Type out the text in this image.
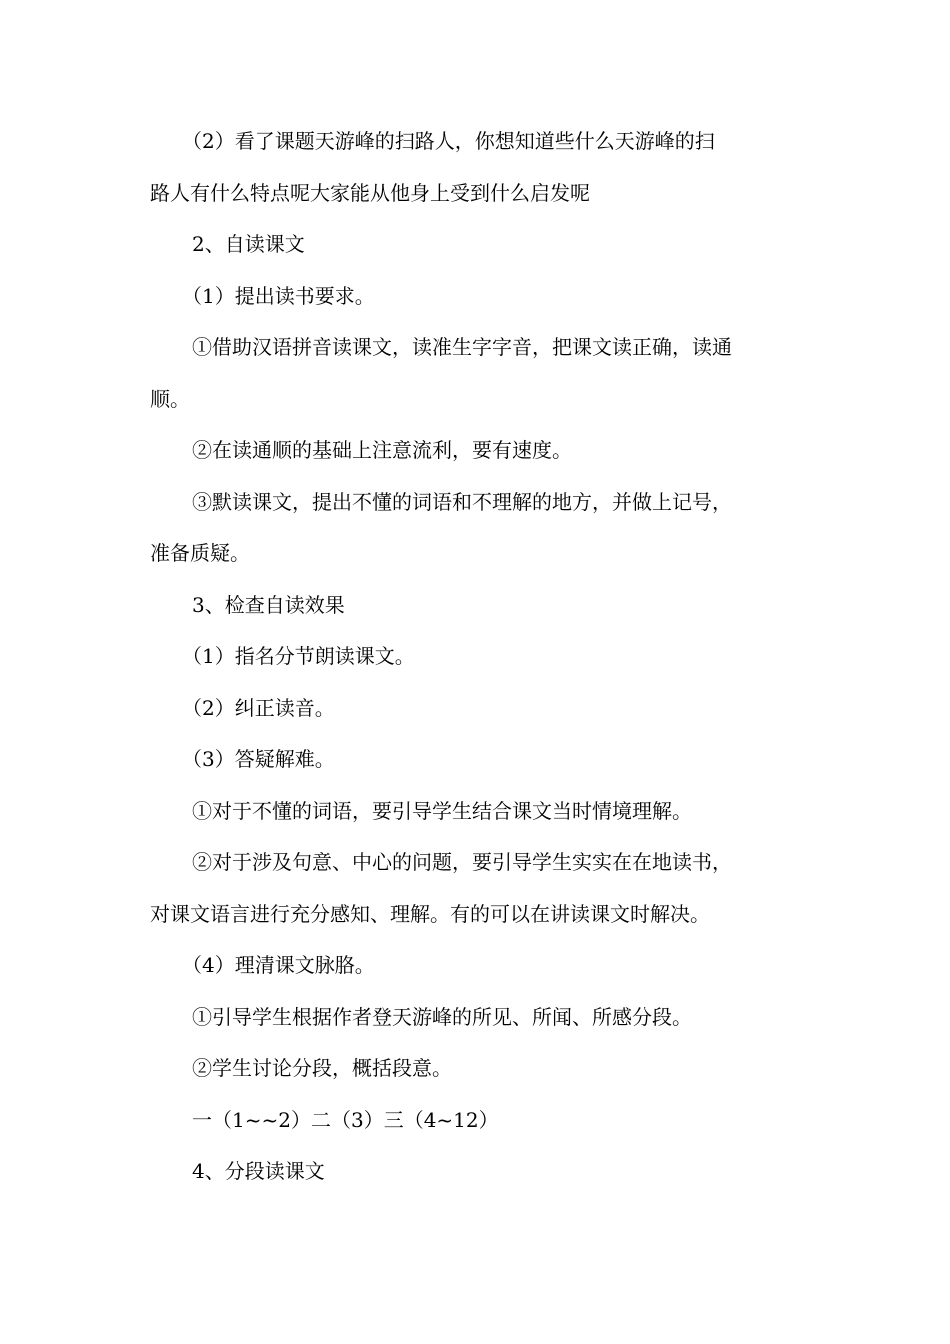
（2）看了课题天游峰的扫路人，你想知道些什么天游峰的扫

路人有什么特点呢大家能从他身上受到什么启发呢

2、自读课文

（1）提出读书要求。

①借助汉语拼音读课文，读准生字字音，把课文读正确，读通

顺。

②在读通顺的基础上注意流利，要有速度。

③默读课文，提出不懂的词语和不理解的地方，并做上记号，

准备质疑。

3、检查自读效果

（1）指名分节朗读课文。

（2）纠正读音。

（3）答疑解难。

①对于不懂的词语，要引导学生结合课文当时情境理解。

②对于涉及句意、中心的问题，要引导学生实实在在地读书，

对课文语言进行充分感知、理解。有的可以在讲读课文时解决。

（4）理清课文脉胳。

①引导学生根据作者登天游峰的所见、所闻、所感分段。

②学生讨论分段，概括段意。

一（1~~2）二（3）三（4~12）

4、分段读课文
